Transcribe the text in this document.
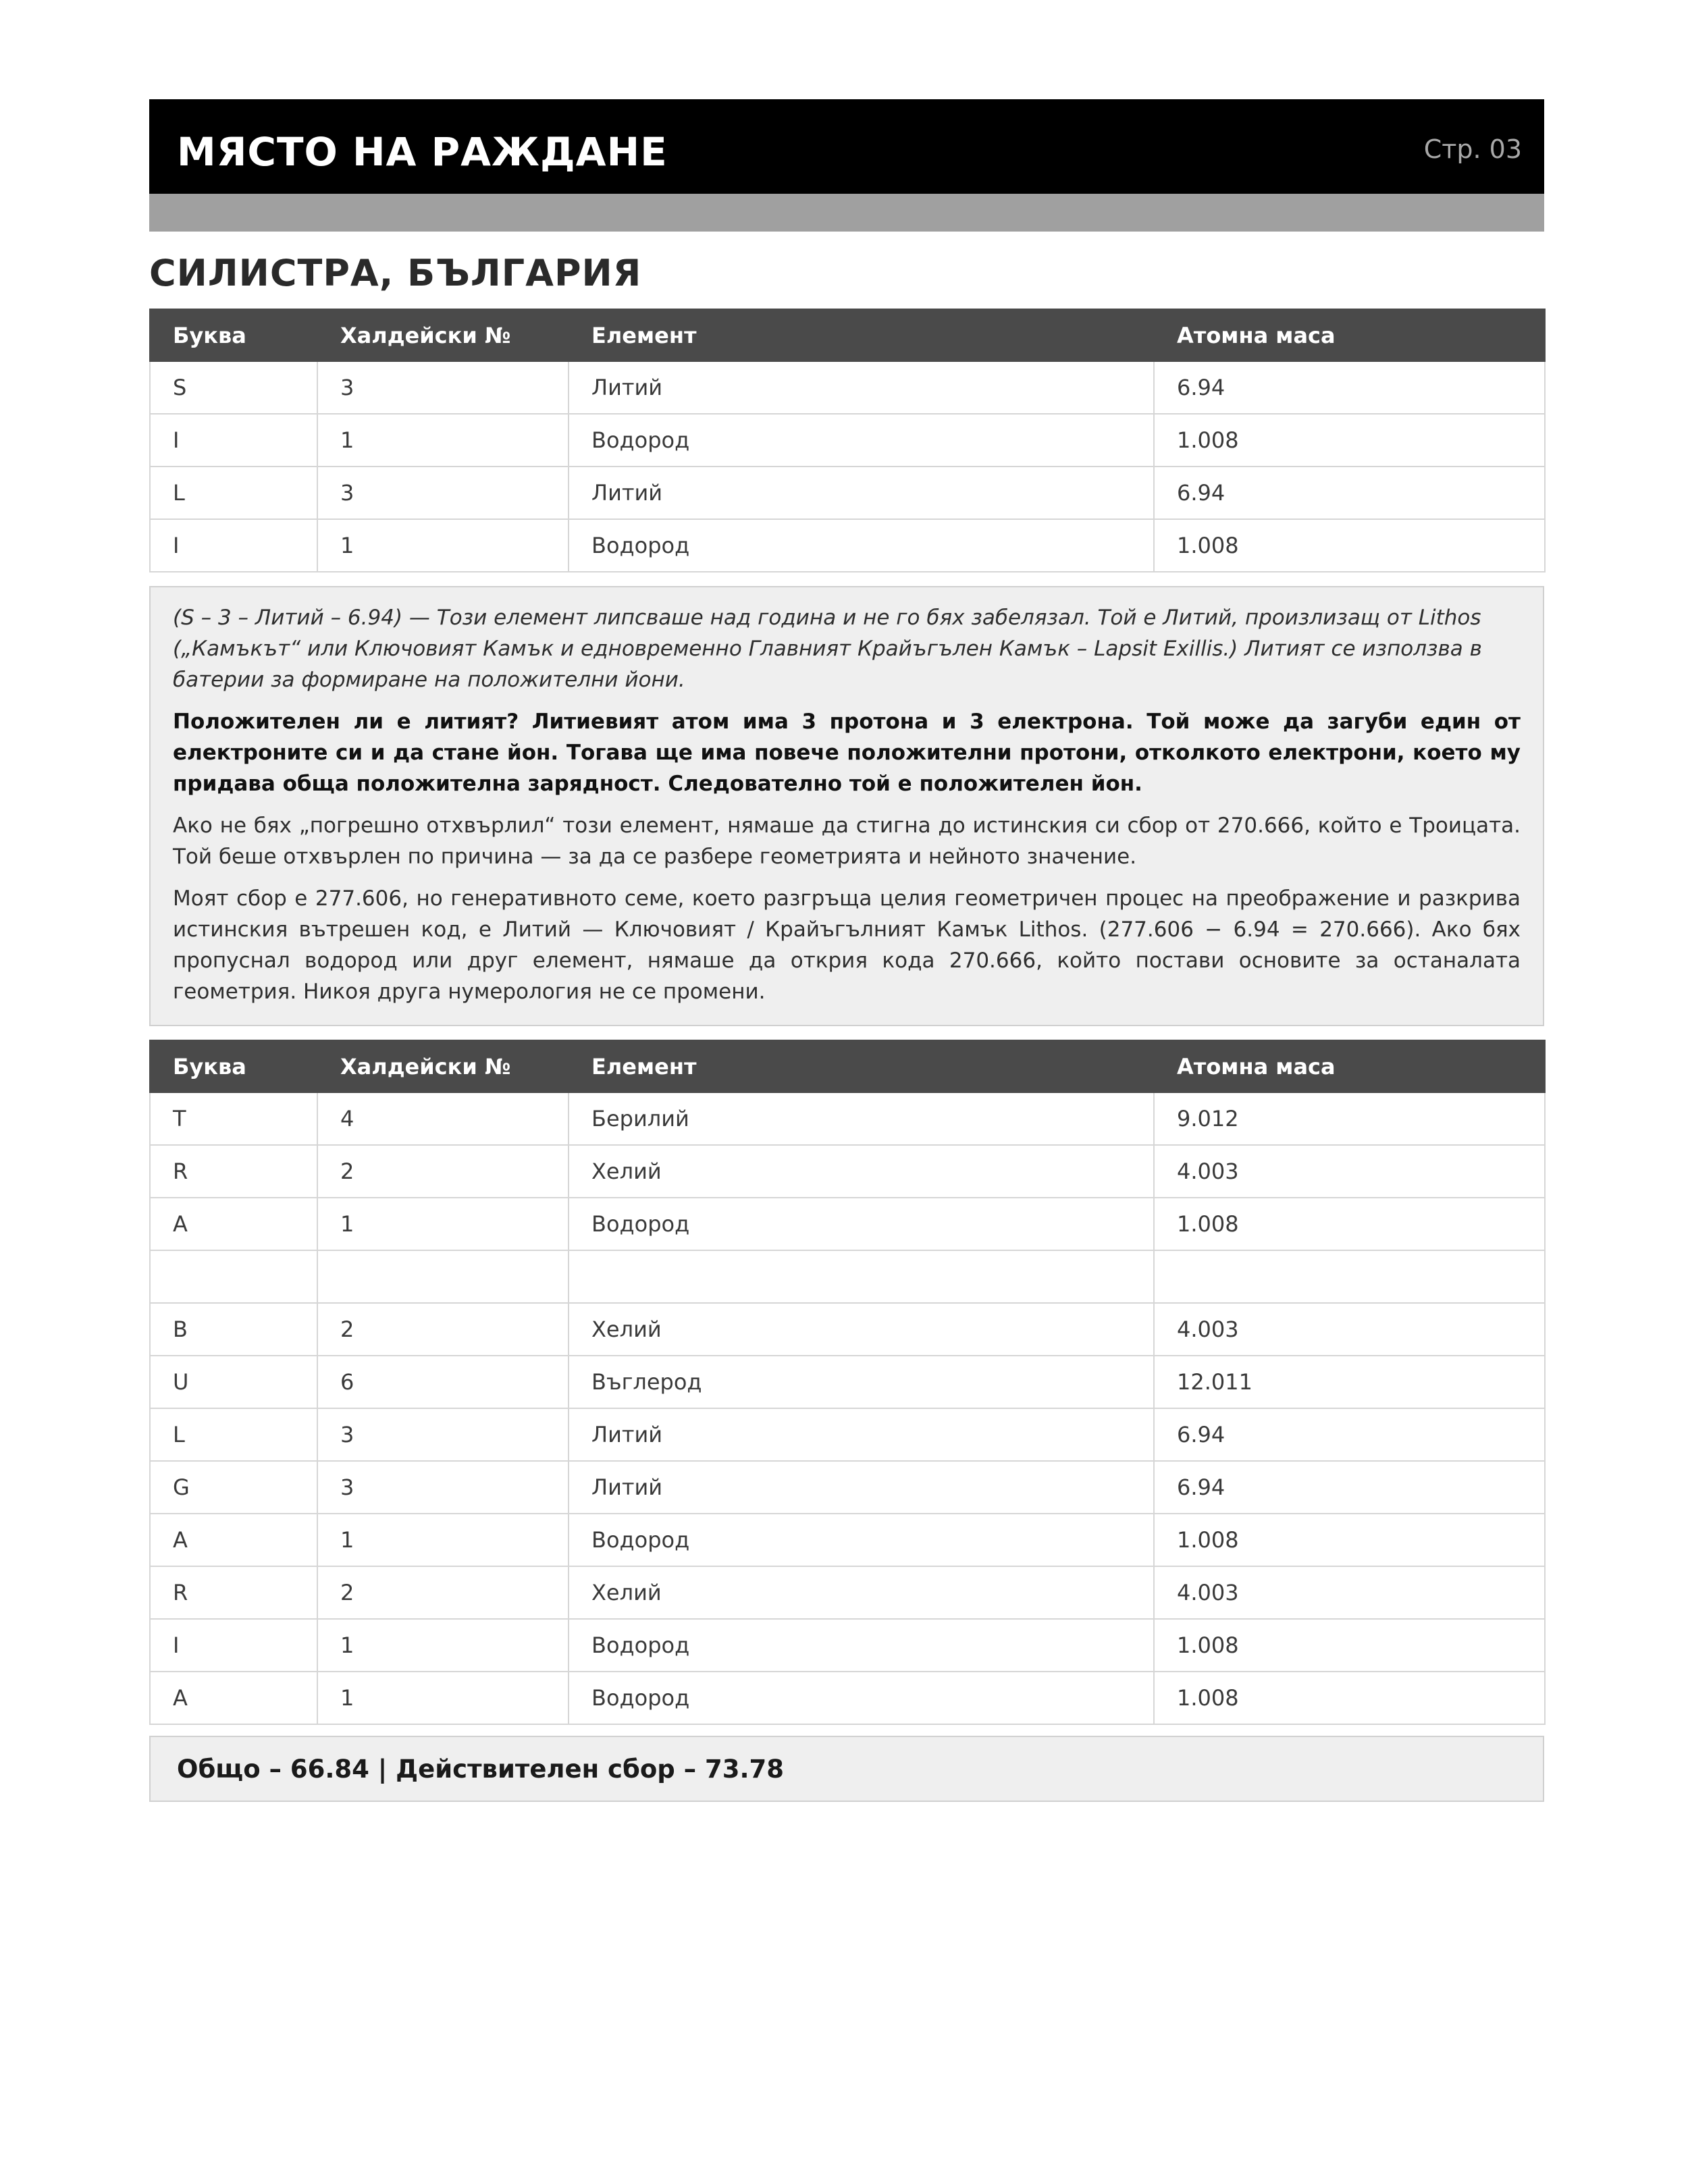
МЯСТО НА РАЖДАНЕ	Стр. 03
СИЛИСТРА, БЪЛГАРИЯ
Буква	Халдейски №	Елемент	Атомна маса
S	3	Литий	6.94
I	1	Водород	1.008
L	3	Литий	6.94
I	1	Водород	1.008

(S – 3 – Литий – 6.94) — Този елемент липсваше над година и не го бях забелязал. Той е Литий, произлизащ от Lithos („Камъкът“ или Ключовият Камък и едновременно Главният Крайъгълен Камък – Lapsit Exillis.) Литият се използва в батерии за формиране на положителни йони.

Положителен ли е литият? Литиевият атом има 3 протона и 3 електрона. Той може да загуби един от електроните си и да стане йон. Тогава ще има повече положителни протони, отколкото електрони, което му придава обща положителна зарядност. Следователно той е положителен йон.

Ако не бях „погрешно отхвърлил“ този елемент, нямаше да стигна до истинския си сбор от 270.666, който е Троицата. Той беше отхвърлен по причина — за да се разбере геометрията и нейното значение.

Моят сбор е 277.606, но генеративното семе, което разгръща целия геометричен процес на преображение и разкрива истинския вътрешен код, е Литий — Ключовият / Крайъгълният Камък Lithos. (277.606 − 6.94 = 270.666). Ако бях пропуснал водород или друг елемент, нямаше да открия кода 270.666, който постави основите за останалата геометрия. Никоя друга нумерология не се промени.

Буква	Халдейски №	Елемент	Атомна маса
T	4	Берилий	9.012
R	2	Хелий	4.003
A	1	Водород	1.008

B	2	Хелий	4.003
U	6	Въглерод	12.011
L	3	Литий	6.94
G	3	Литий	6.94
A	1	Водород	1.008
R	2	Хелий	4.003
I	1	Водород	1.008
A	1	Водород	1.008
Общо – 66.84 | Действителен сбор – 73.78
